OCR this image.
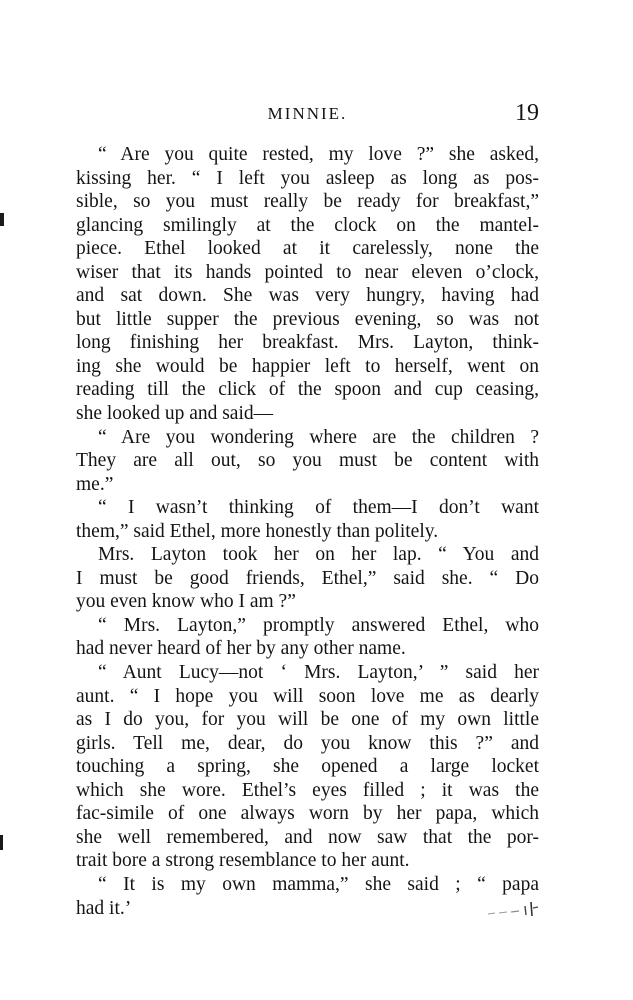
MINNIE.	19
“ Are you quite rested, my love ?” she asked,
kissing her. “ I left you asleep as long as pos-
sible, so you must really be ready for breakfast,”
glancing smilingly at the clock on the mantel-
piece. Ethel looked at it carelessly, none the
wiser that its hands pointed to near eleven o’clock,
and sat down. She was very hungry, having had
but little supper the previous evening, so was not
long finishing her breakfast. Mrs. Layton, think-
ing she would be happier left to herself, went on
reading till the click of the spoon and cup ceasing,
she looked up and said—
“ Are you wondering where are the children ?
They are all out, so you must be content with
me.”
“ I wasn’t thinking of them—I don’t want
them,” said Ethel, more honestly than politely.
Mrs. Layton took her on her lap. “ You and
I must be good friends, Ethel,” said she. “ Do
you even know who I am ?”
“ Mrs. Layton,” promptly answered Ethel, who
had never heard of her by any other name.
“ Aunt Lucy—not ‘ Mrs. Layton,’ ” said her
aunt. “ I hope you will soon love me as dearly
as I do you, for you will be one of my own little
girls. Tell me, dear, do you know this ?” and
touching a spring, she opened a large locket
which she wore. Ethel’s eyes filled ; it was the
fac-simile of one always worn by her papa, which
she well remembered, and now saw that the por-
trait bore a strong resemblance to her aunt.
“ It is my own mamma,” she said ; “ papa
had it.’
